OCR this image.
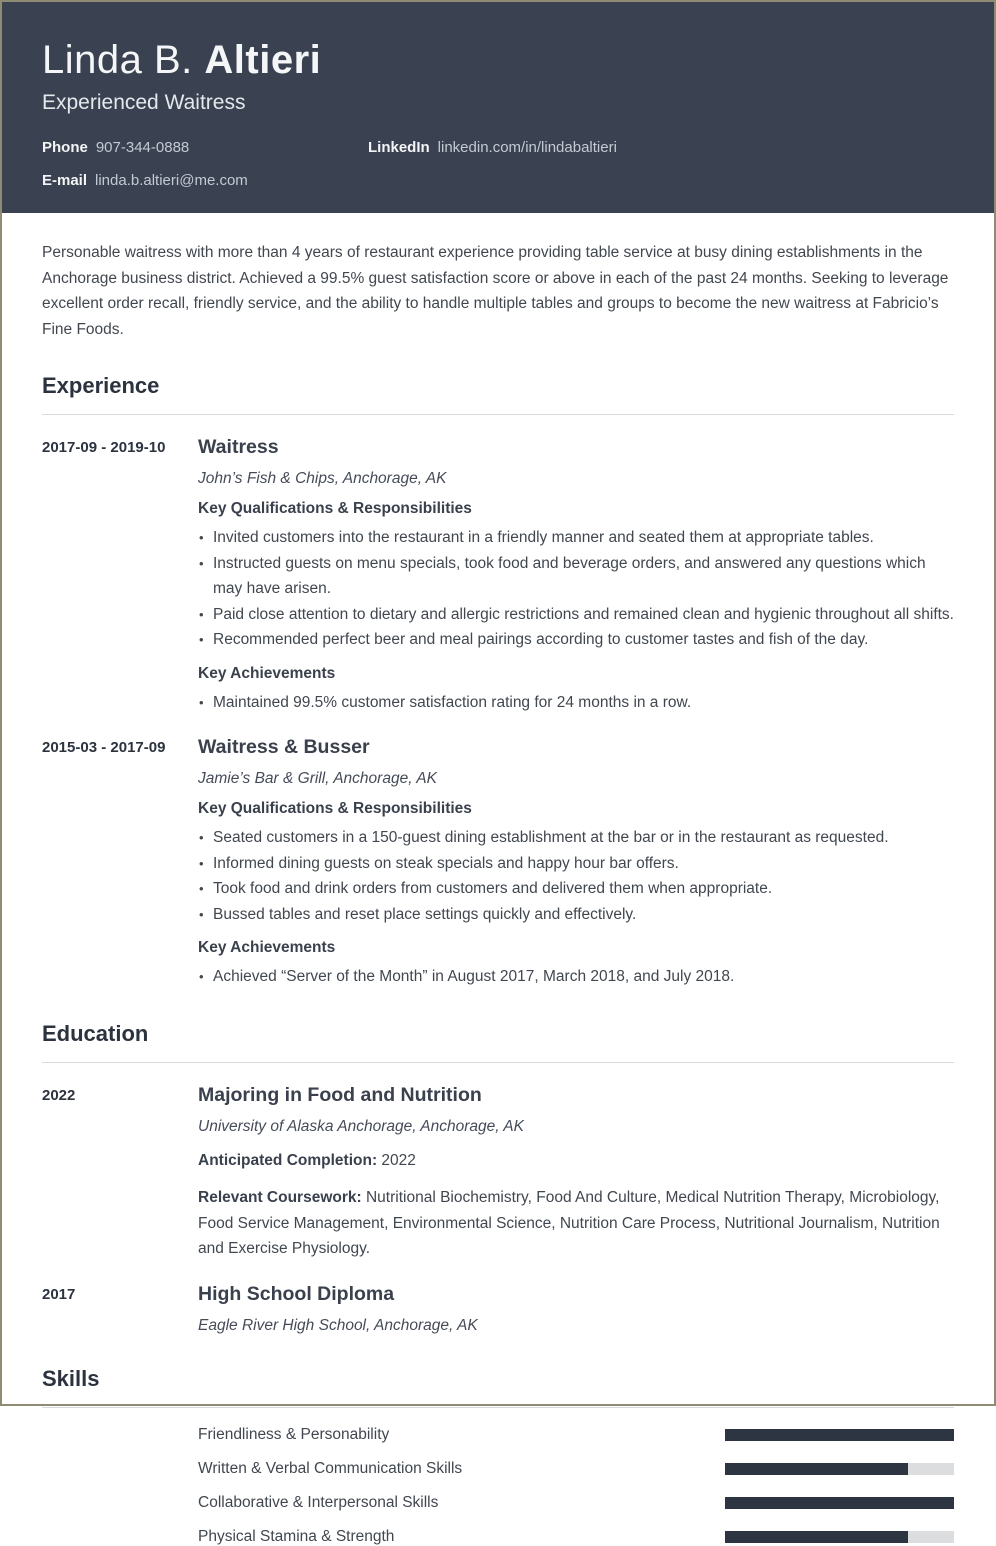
Linda B. Altieri
Experienced Waitress
Phone 907-344-0888	LinkedIn linkedin.com/in/lindabaltieri
E-mail linda.b.altieri@me.com

Personable waitress with more than 4 years of restaurant experience providing table service at busy dining establishments in the Anchorage business district. Achieved a 99.5% guest satisfaction score or above in each of the past 24 months. Seeking to leverage excellent order recall, friendly service, and the ability to handle multiple tables and groups to become the new waitress at Fabricio’s Fine Foods.

Experience
2017-09 - 2019-10	Waitress
John’s Fish & Chips, Anchorage, AK
Key Qualifications & Responsibilities
• Invited customers into the restaurant in a friendly manner and seated them at appropriate tables.
• Instructed guests on menu specials, took food and beverage orders, and answered any questions which may have arisen.
• Paid close attention to dietary and allergic restrictions and remained clean and hygienic throughout all shifts.
• Recommended perfect beer and meal pairings according to customer tastes and fish of the day.
Key Achievements
• Maintained 99.5% customer satisfaction rating for 24 months in a row.
2015-03 - 2017-09	Waitress & Busser
Jamie’s Bar & Grill, Anchorage, AK
Key Qualifications & Responsibilities
• Seated customers in a 150-guest dining establishment at the bar or in the restaurant as requested.
• Informed dining guests on steak specials and happy hour bar offers.
• Took food and drink orders from customers and delivered them when appropriate.
• Bussed tables and reset place settings quickly and effectively.
Key Achievements
• Achieved “Server of the Month” in August 2017, March 2018, and July 2018.
Education
2022	Majoring in Food and Nutrition
University of Alaska Anchorage, Anchorage, AK
Anticipated Completion: 2022
Relevant Coursework: Nutritional Biochemistry, Food And Culture, Medical Nutrition Therapy, Microbiology, Food Service Management, Environmental Science, Nutrition Care Process, Nutritional Journalism, Nutrition and Exercise Physiology.
2017	High School Diploma
Eagle River High School, Anchorage, AK
Skills
Friendliness & Personability
Written & Verbal Communication Skills
Collaborative & Interpersonal Skills
Physical Stamina & Strength
